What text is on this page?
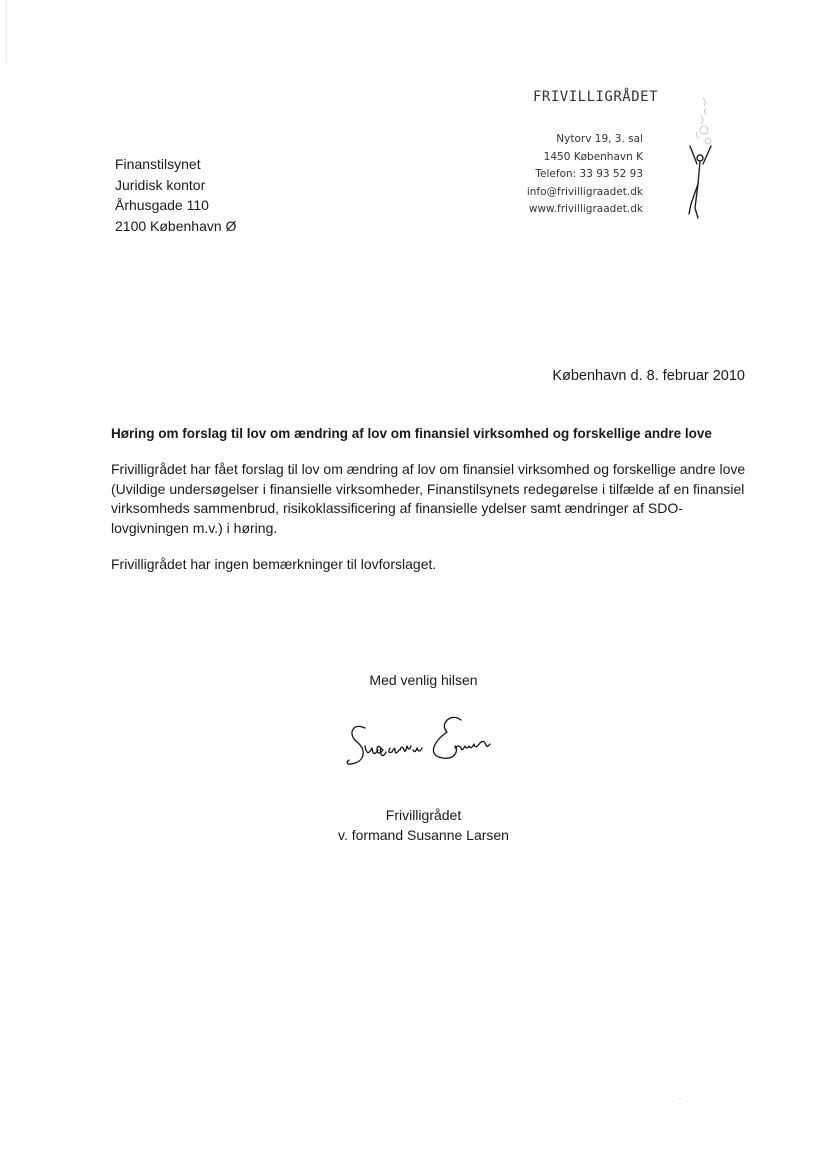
FRIVILLIGRÅDET
Nytorv 19, 3. sal
1450 København K
Telefon: 33 93 52 93
info@frivilligraadet.dk
www.frivilligraadet.dk
Finanstilsynet
Juridisk kontor
Århusgade 110
2100 København Ø
København d. 8. februar 2010
Høring om forslag til lov om ændring af lov om finansiel virksomhed og forskellige andre love

Frivilligrådet har fået forslag til lov om ændring af lov om finansiel virksomhed og forskellige andre love (Uvildige undersøgelser i finansielle virksomheder, Finanstilsynets redegørelse i tilfælde af en finansiel virksomheds sammenbrud, risikoklassificering af finansielle ydelser samt ændringer af SDO-lovgivningen m.v.) i høring.

Frivilligrådet har ingen bemærkninger til lovforslaget.

Med venlig hilsen
Frivilligrådet
v. formand Susanne Larsen
